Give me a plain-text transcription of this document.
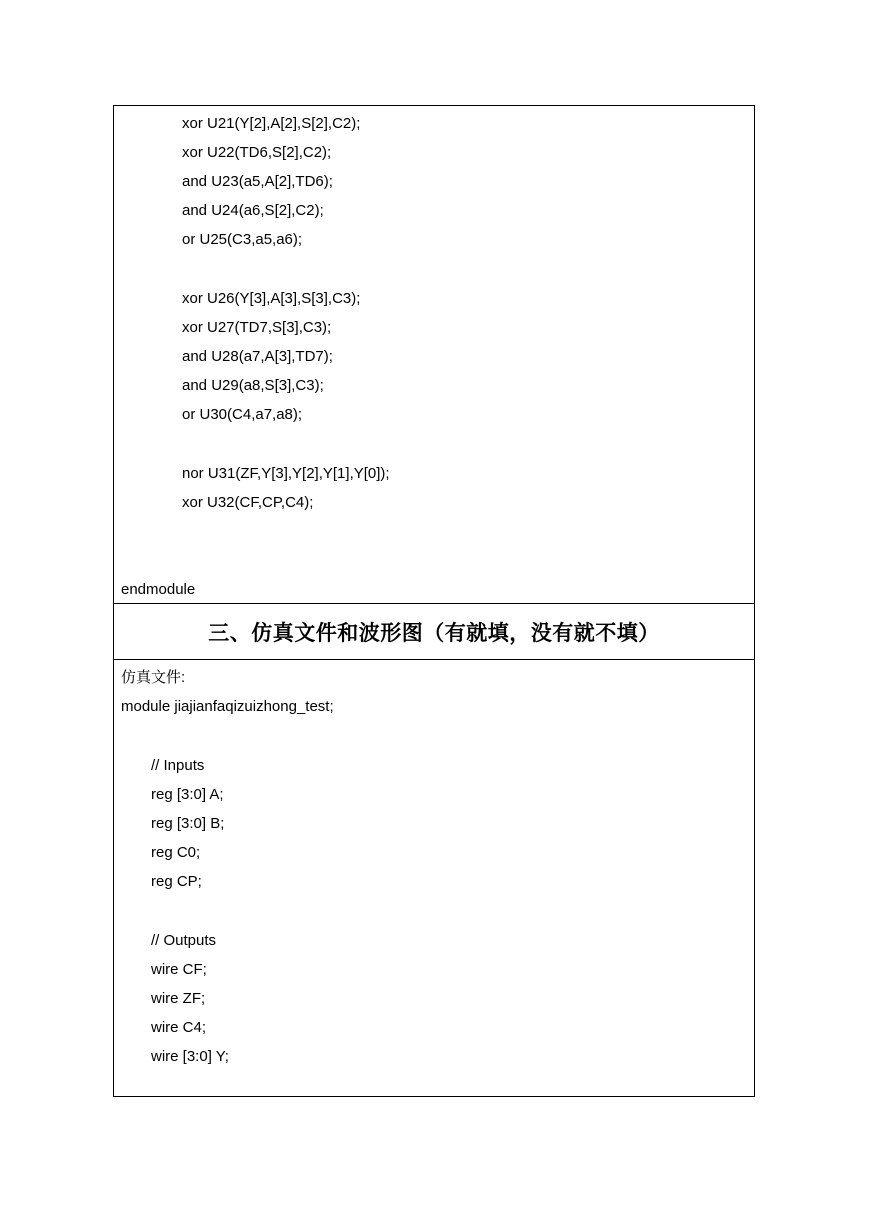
xor U21(Y[2],A[2],S[2],C2);
xor U22(TD6,S[2],C2);
and U23(a5,A[2],TD6);
and U24(a6,S[2],C2);
or U25(C3,a5,a6);
xor U26(Y[3],A[3],S[3],C3);
xor U27(TD7,S[3],C3);
and U28(a7,A[3],TD7);
and U29(a8,S[3],C3);
or U30(C4,a7,a8);
nor U31(ZF,Y[3],Y[2],Y[1],Y[0]);
xor U32(CF,CP,C4);
endmodule
三、仿真文件和波形图（有就填，没有就不填）
仿真文件:
module jiajianfaqizuizhong_test;
// Inputs
reg [3:0] A;
reg [3:0] B;
reg C0;
reg CP;
// Outputs
wire CF;
wire ZF;
wire C4;
wire [3:0] Y;
